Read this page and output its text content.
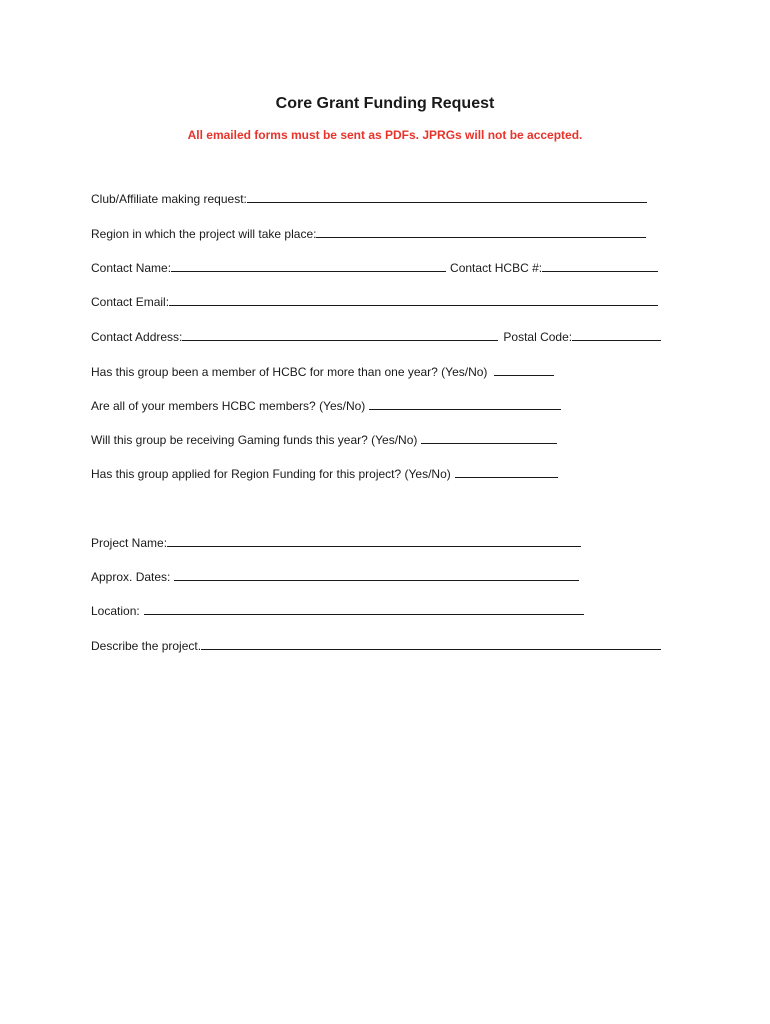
Core Grant Funding Request
All emailed forms must be sent as PDFs. JPRGs will not be accepted.
Club/Affiliate making request:
Region in which the project will take place:
Contact Name:	Contact HCBC #:
Contact Email:
Contact Address:	Postal Code:
Has this group been a member of HCBC for more than one year? (Yes/No)
Are all of your members HCBC members? (Yes/No)
Will this group be receiving Gaming funds this year? (Yes/No)
Has this group applied for Region Funding for this project? (Yes/No)
Project Name:
Approx. Dates:
Location:
Describe the project.
